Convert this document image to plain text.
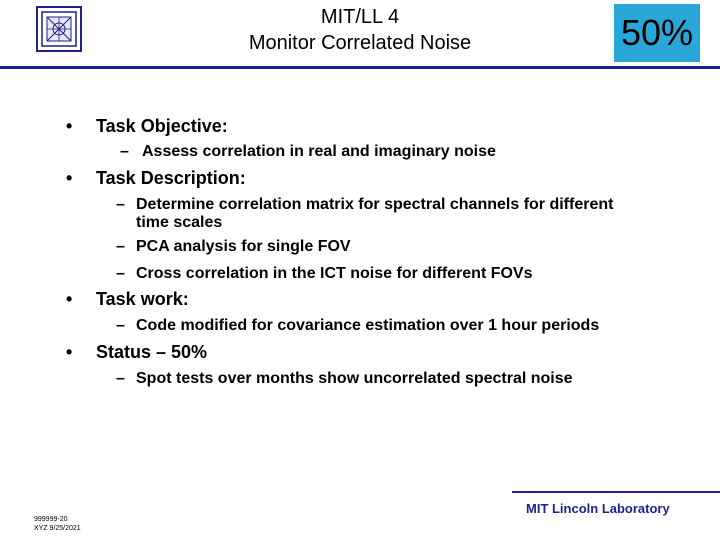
MIT/LL 4
Monitor Correlated Noise	50%
• Task Objective:
– Assess correlation in real and imaginary noise
• Task Description:
– Determine correlation matrix for spectral channels for different time scales
– PCA analysis for single FOV
– Cross correlation in the ICT noise for different FOVs
• Task work:
– Code modified for covariance estimation over 1 hour periods
• Status – 50%
– Spot tests over months show uncorrelated spectral noise
MIT Lincoln Laboratory
999999-20
XYZ 9/25/2021
